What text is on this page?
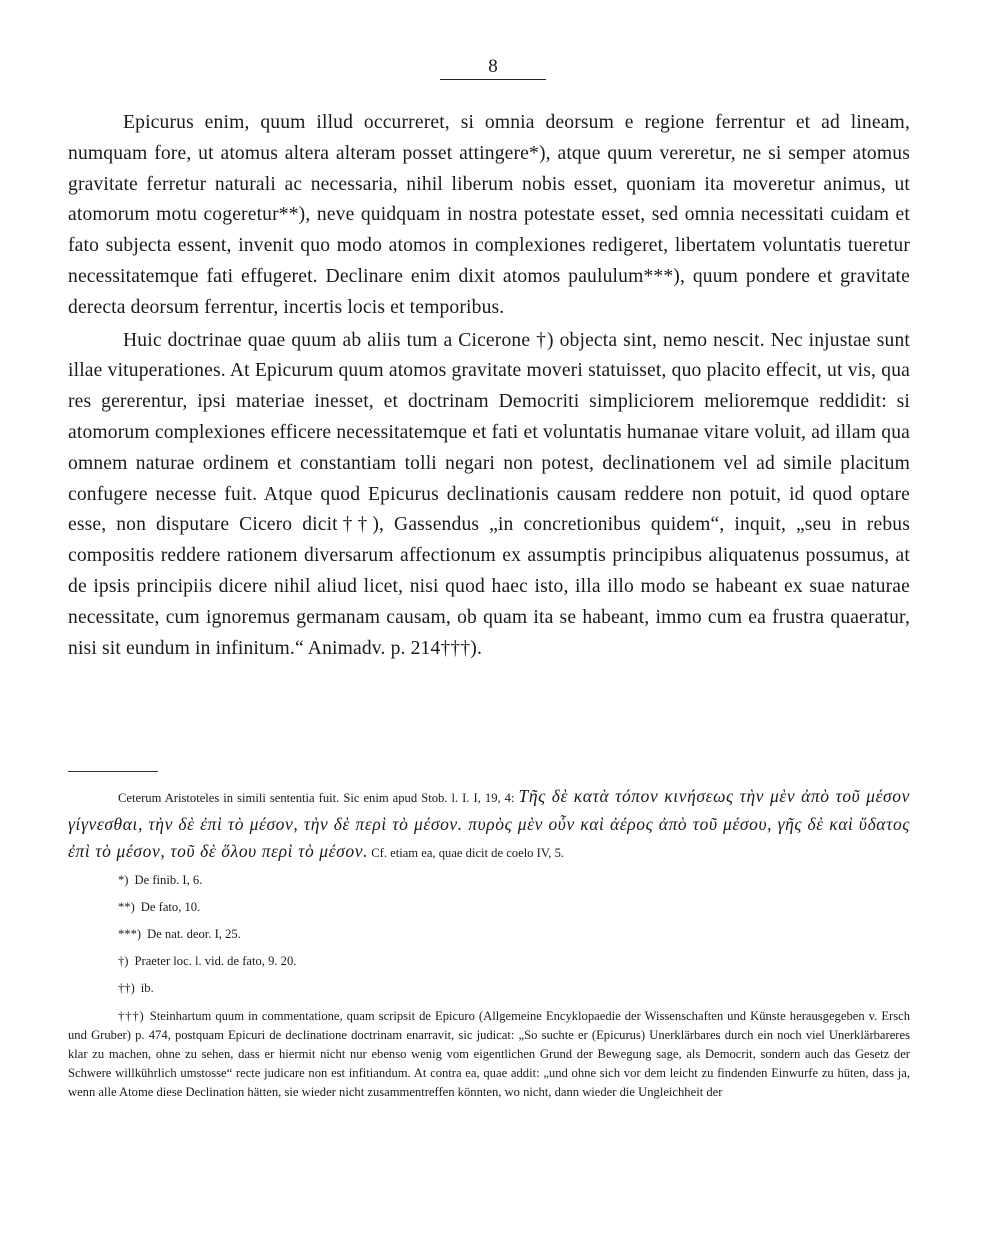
8

Epicurus enim, quum illud occurreret, si omnia deorsum e regione ferrentur et ad lineam, numquam fore, ut atomus altera alteram posset attingere*), atque quum vereretur, ne si semper atomus gravitate ferretur naturali ac necessaria, nihil liberum nobis esset, quoniam ita moveretur animus, ut atomorum motu cogeretur**), neve quidquam in nostra potestate esset, sed omnia necessitati cuidam et fato subjecta essent, invenit quo modo atomos in complexiones redigeret, libertatem voluntatis tueretur necessitatemque fati effugeret. Declinare enim dixit atomos paululum***), quum pondere et gravitate derecta deorsum ferrentur, incertis locis et temporibus.

Huic doctrinae quae quum ab aliis tum a Cicerone †) objecta sint, nemo nescit. Nec injustae sunt illae vituperationes. At Epicurum quum atomos gravitate moveri statuisset, quo placito effecit, ut vis, qua res gererentur, ipsi materiae inesset, et doctrinam Democriti simpliciorem melioremque reddidit: si atomorum complexiones efficere necessitatemque et fati et voluntatis humanae vitare voluit, ad illam qua omnem naturae ordinem et constantiam tolli negari non potest, declinationem vel ad simile placitum confugere necesse fuit. Atque quod Epicurus declinationis causam reddere non potuit, id quod optare esse, non disputare Cicero dicit††), Gassendus „in concretionibus quidem“, inquit, „seu in rebus compositis reddere rationem diversarum affectionum ex assumptis principibus aliquatenus possumus, at de ipsis principiis dicere nihil aliud licet, nisi quod haec isto, illa illo modo se habeant ex suae naturae necessitate, cum ignoremus germanam causam, ob quam ita se habeant, immo cum ea frustra quaeratur, nisi sit eundum in infinitum.“ Animadv. p. 214†††).

Ceterum Aristoteles in simili sententia fuit. Sic enim apud Stob. l. I. I, 19, 4: Τῆς δὲ κατὰ τόπον κινήσεως τὴν μὲν ἀπὸ τοῦ μέσον γίγνεσθαι, τὴν δὲ ἐπὶ τὸ μέσον, τὴν δὲ περὶ τὸ μέσον. πυρὸς μὲν οὖν καὶ ἀέρος ἀπὸ τοῦ μέσου, γῆς δὲ καὶ ὕδατος ἐπὶ τὸ μέσον, τοῦ δὲ ὅλου περὶ τὸ μέσον. Cf. etiam ea, quae dicit de coelo IV, 5.

*) De finib. I, 6.

**) De fato, 10.

***) De nat. deor. I, 25.

†) Praeter loc. l. vid. de fato, 9. 20.

††) ib.

†††) Steinhartum quum in commentatione, quam scripsit de Epicuro (Allgemeine Encyklopaedie der Wissenschaften und Künste herausgegeben v. Ersch und Gruber) p. 474, postquam Epicuri de declinatione doctrinam enarravit, sic judicat: „So suchte er (Epicurus) Unerklärbares durch ein noch viel Unerklärbareres klar zu machen, ohne zu sehen, dass er hiermit nicht nur ebenso wenig vom eigentlichen Grund der Bewegung sage, als Democrit, sondern auch das Gesetz der Schwere willkührlich umstosse“ recte judicare non est infitiandum. At contra ea, quae addit: „und ohne sich vor dem leicht zu findenden Einwurfe zu hüten, dass ja, wenn alle Atome diese Declination hätten, sie wieder nicht zusammentreffen könnten, wo nicht, dann wieder die Ungleichheit der
